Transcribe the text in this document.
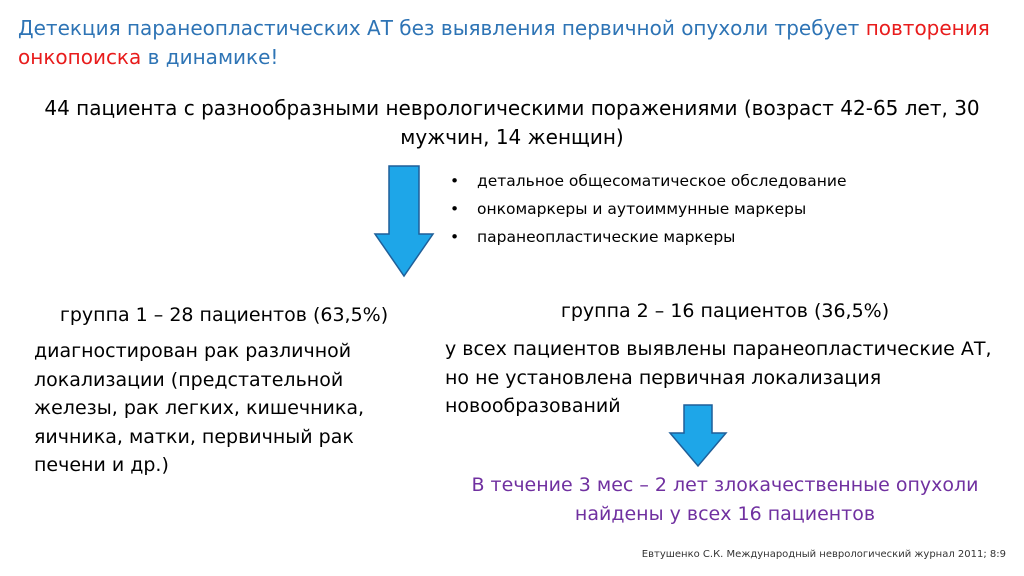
Детекция паранеопластических АТ без выявления первичной опухоли требует повторения онкопоиска в динамике!
44 пациента с разнообразными неврологическими поражениями (возраст 42-65 лет, 30 мужчин, 14 женщин)
• детальное общесоматическое обследование
• онкомаркеры и аутоиммунные маркеры
• паранеопластические маркеры
группа 1 – 28 пациентов (63,5%)	группа 2 – 16 пациентов (36,5%)
диагностирован рак различной локализации (предстательной железы, рак легких, кишечника, яичника, матки, первичный рак печени и др.)
у всех пациентов выявлены паранеопластические АТ, но не установлена первичная локализация новообразований
В течение 3 мес – 2 лет злокачественные опухоли найдены у всех 16 пациентов
Евтушенко С.К. Международный неврологический журнал 2011; 8:9
